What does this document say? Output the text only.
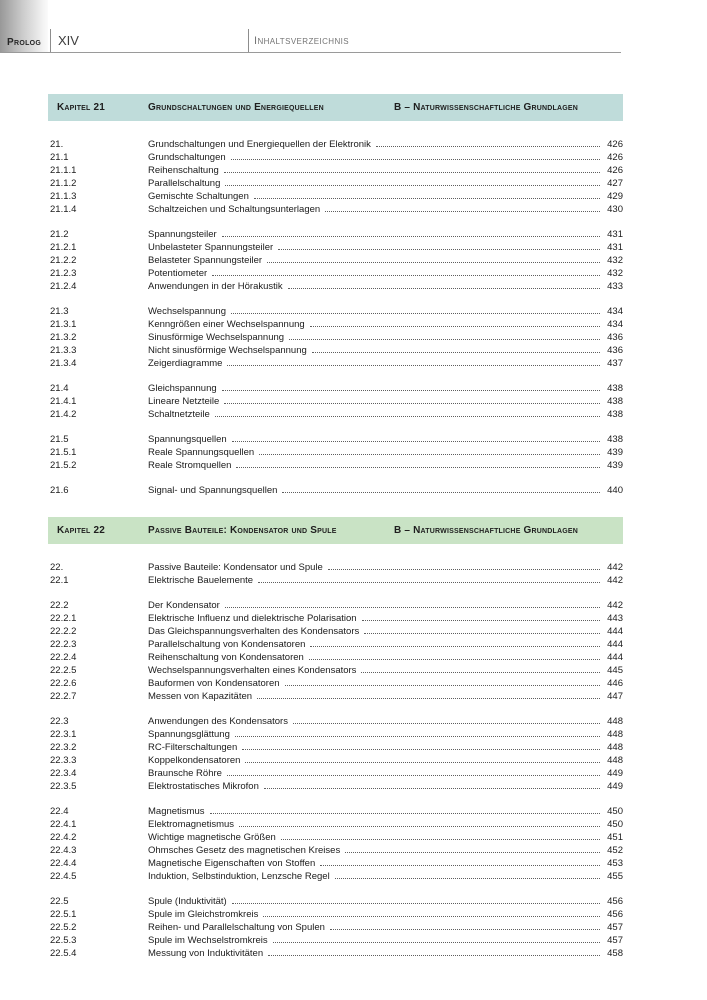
Prolog XIV	Inhaltsverzeichnis
Kapitel 21	Grundschaltungen und Energiequellen	B – Naturwissenschaftliche Grundlagen
21.	Grundschaltungen und Energiequellen der Elektronik	426
21.1	Grundschaltungen	426
21.1.1	Reihenschaltung	426
21.1.2	Parallelschaltung	427
21.1.3	Gemischte Schaltungen	429
21.1.4	Schaltzeichen und Schaltungsunterlagen	430
21.2	Spannungsteiler	431
21.2.1	Unbelasteter Spannungsteiler	431
21.2.2	Belasteter Spannungsteiler	432
21.2.3	Potentiometer	432
21.2.4	Anwendungen in der Hörakustik	433
21.3	Wechselspannung	434
21.3.1	Kenngrößen einer Wechselspannung	434
21.3.2	Sinusförmige Wechselspannung	436
21.3.3	Nicht sinusförmige Wechselspannung	436
21.3.4	Zeigerdiagramme	437
21.4	Gleichspannung	438
21.4.1	Lineare Netzteile	438
21.4.2	Schaltnetzteile	438
21.5	Spannungsquellen	438
21.5.1	Reale Spannungsquellen	439
21.5.2	Reale Stromquellen	439
21.6	Signal- und Spannungsquellen	440
Kapitel 22	Passive Bauteile: Kondensator und Spule	B – Naturwissenschaftliche Grundlagen
22.	Passive Bauteile: Kondensator und Spule	442
22.1	Elektrische Bauelemente	442
22.2	Der Kondensator	442
22.2.1	Elektrische Influenz und dielektrische Polarisation	443
22.2.2	Das Gleichspannungsverhalten des Kondensators	444
22.2.3	Parallelschaltung von Kondensatoren	444
22.2.4	Reihenschaltung von Kondensatoren	444
22.2.5	Wechselspannungsverhalten eines Kondensators	445
22.2.6	Bauformen von Kondensatoren	446
22.2.7	Messen von Kapazitäten	447
22.3	Anwendungen des Kondensators	448
22.3.1	Spannungsglättung	448
22.3.2	RC-Filterschaltungen	448
22.3.3	Koppelkondensatoren	448
22.3.4	Braunsche Röhre	449
22.3.5	Elektrostatisches Mikrofon	449
22.4	Magnetismus	450
22.4.1	Elektromagnetismus	450
22.4.2	Wichtige magnetische Größen	451
22.4.3	Ohmsches Gesetz des magnetischen Kreises	452
22.4.4	Magnetische Eigenschaften von Stoffen	453
22.4.5	Induktion, Selbstinduktion, Lenzsche Regel	455
22.5	Spule (Induktivität)	456
22.5.1	Spule im Gleichstromkreis	456
22.5.2	Reihen- und Parallelschaltung von Spulen	457
22.5.3	Spule im Wechselstromkreis	457
22.5.4	Messung von Induktivitäten	458
